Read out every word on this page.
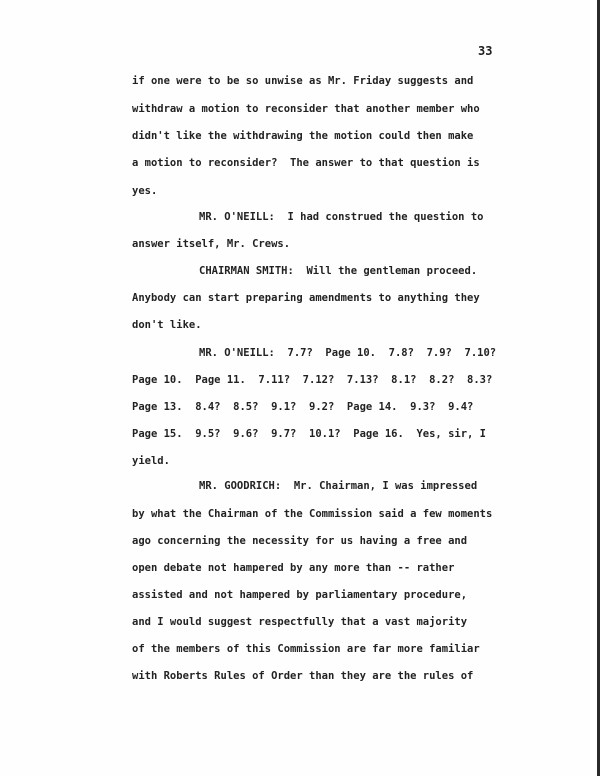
33
if one were to be so unwise as Mr. Friday suggests and
withdraw a motion to reconsider that another member who
didn't like the withdrawing the motion could then make
a motion to reconsider?  The answer to that question is
yes.
MR. O'NEILL:  I had construed the question to
answer itself, Mr. Crews.
CHAIRMAN SMITH:  Will the gentleman proceed.
Anybody can start preparing amendments to anything they
don't like.
MR. O'NEILL:  7.7?  Page 10.  7.8?  7.9?  7.10?
Page 10.  Page 11.  7.11?  7.12?  7.13?  8.1?  8.2?  8.3?
Page 13.  8.4?  8.5?  9.1?  9.2?  Page 14.  9.3?  9.4?
Page 15.  9.5?  9.6?  9.7?  10.1?  Page 16.  Yes, sir, I
yield.
MR. GOODRICH:  Mr. Chairman, I was impressed
by what the Chairman of the Commission said a few moments
ago concerning the necessity for us having a free and
open debate not hampered by any more than -- rather
assisted and not hampered by parliamentary procedure,
and I would suggest respectfully that a vast majority
of the members of this Commission are far more familiar
with Roberts Rules of Order than they are the rules of
